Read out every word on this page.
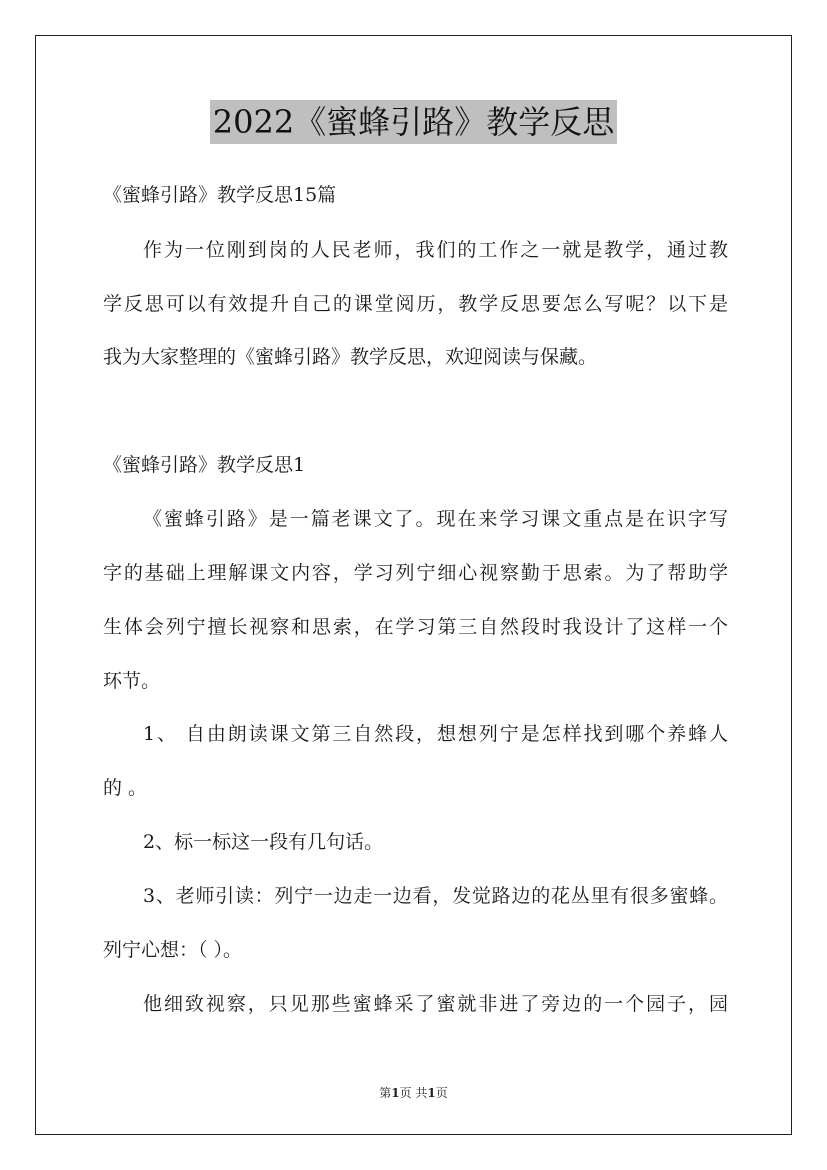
2022《蜜蜂引路》教学反思
《蜜蜂引路》教学反思15篇
作为一位刚到岗的人民老师，我们的工作之一就是教学，通过教
学反思可以有效提升自己的课堂阅历，教学反思要怎么写呢？以下是
我为大家整理的《蜜蜂引路》教学反思，欢迎阅读与保藏。
《蜜蜂引路》教学反思1
《蜜蜂引路》是一篇老课文了。现在来学习课文重点是在识字写
字的基础上理解课文内容，学习列宁细心视察勤于思索。为了帮助学
生体会列宁擅长视察和思索，在学习第三自然段时我设计了这样一个
环节。
1、 自由朗读课文第三自然段，想想列宁是怎样找到哪个养蜂人
的 。
2、标一标这一段有几句话。
3、老师引读：列宁一边走一边看，发觉路边的花丛里有很多蜜蜂。
列宁心想：（ ）。
他细致视察，只见那些蜜蜂采了蜜就非进了旁边的一个园子，园
第1页 共1页
